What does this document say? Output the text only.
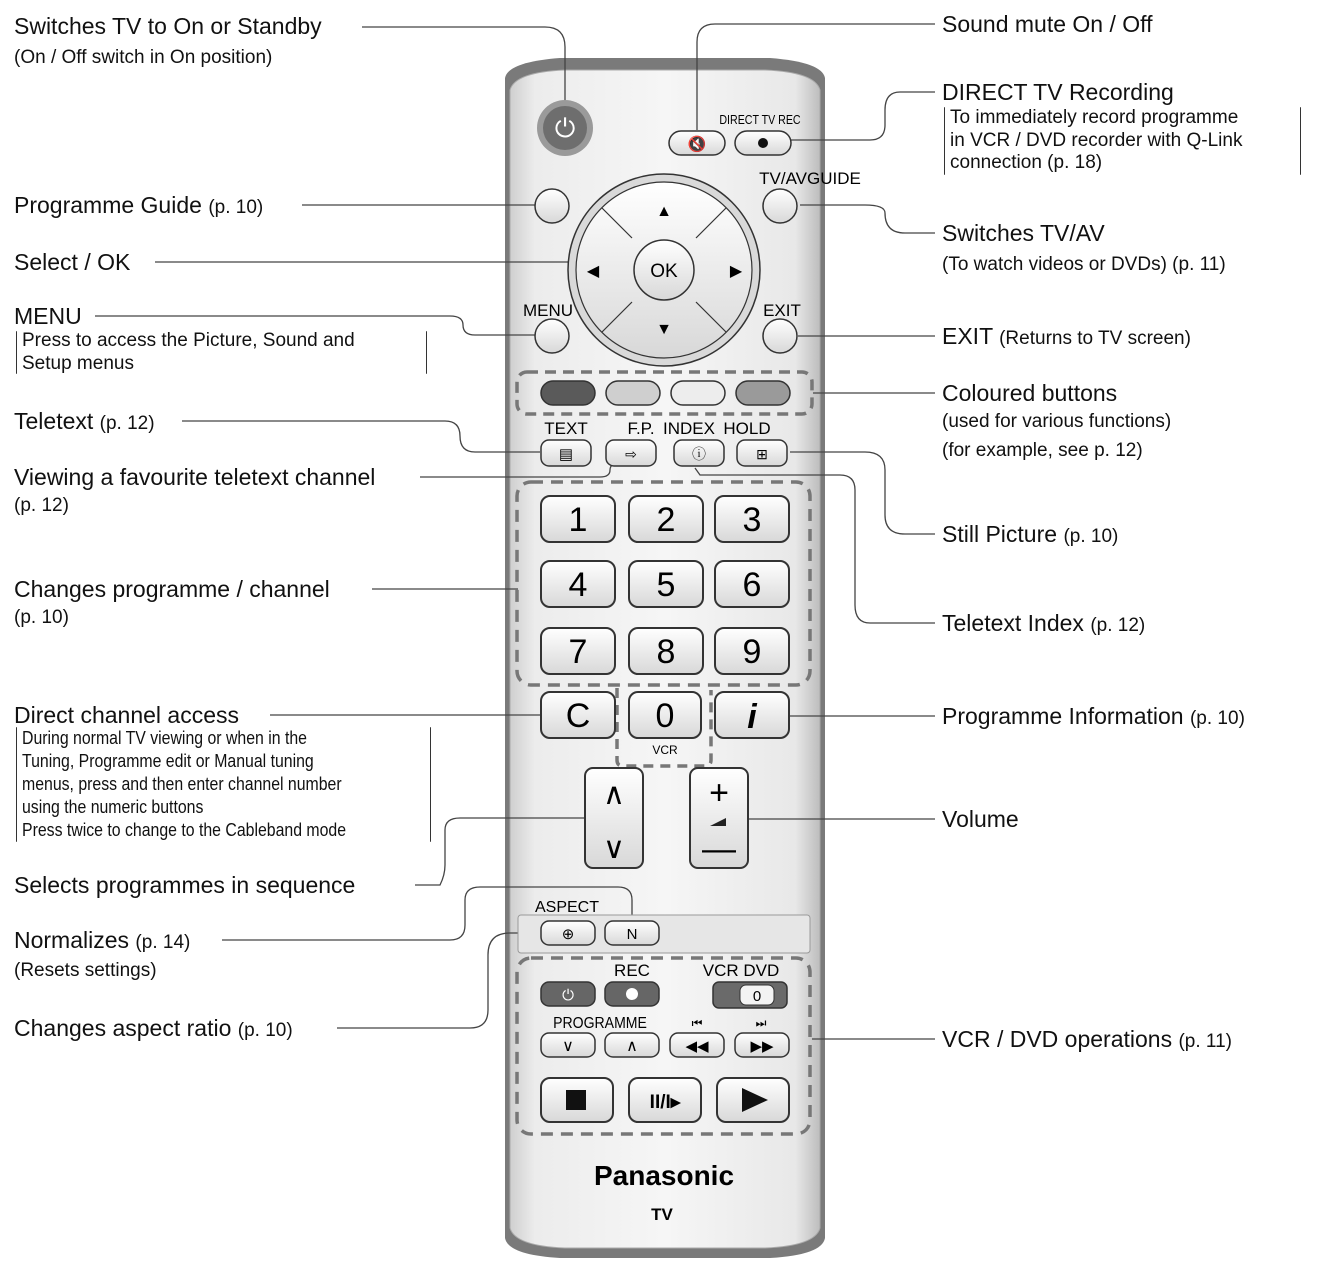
⏻
🔇
DIRECT TV REC
TV/AVGUIDE
▲
▼
◀	▶
OK
MENU	EXIT
TEXT F.P. INDEX HOLD
▤	⇨	ⓘ	⊞
1 2 3
4 5 6
7 8 9
C 0 i
VCR
∧
∨
+
—
ASPECT
⊕	N
REC	VCR DVD
⏻	0
PROGRAMME	⏮	⏭
∨	∧	◀◀	▶▶
II/I▸
Panasonic
TV
Switches TV to On or Standby
(On / Off switch in On position)
Programme Guide (p. 10)
Select / OK
MENU
Press to access the Picture, Sound and
Setup menus
Teletext (p. 12)
Viewing a favourite teletext channel
(p. 12)
Changes programme / channel
(p. 10)
Direct channel access
During normal TV viewing or when in the
Tuning, Programme edit or Manual tuning
menus, press and then enter channel number
using the numeric buttons
Press twice to change to the Cableband mode
Selects programmes in sequence
Normalizes (p. 14)
(Resets settings)
Changes aspect ratio (p. 10)
Sound mute On / Off
DIRECT TV Recording
To immediately record programme
in VCR / DVD recorder with Q-Link
connection (p. 18)
Switches TV/AV
(To watch videos or DVDs) (p. 11)
EXIT (Returns to TV screen)
Coloured buttons
(used for various functions)
(for example, see p. 12)
Still Picture (p. 10)
Teletext Index (p. 12)
Programme Information (p. 10)
Volume
VCR / DVD operations (p. 11)
